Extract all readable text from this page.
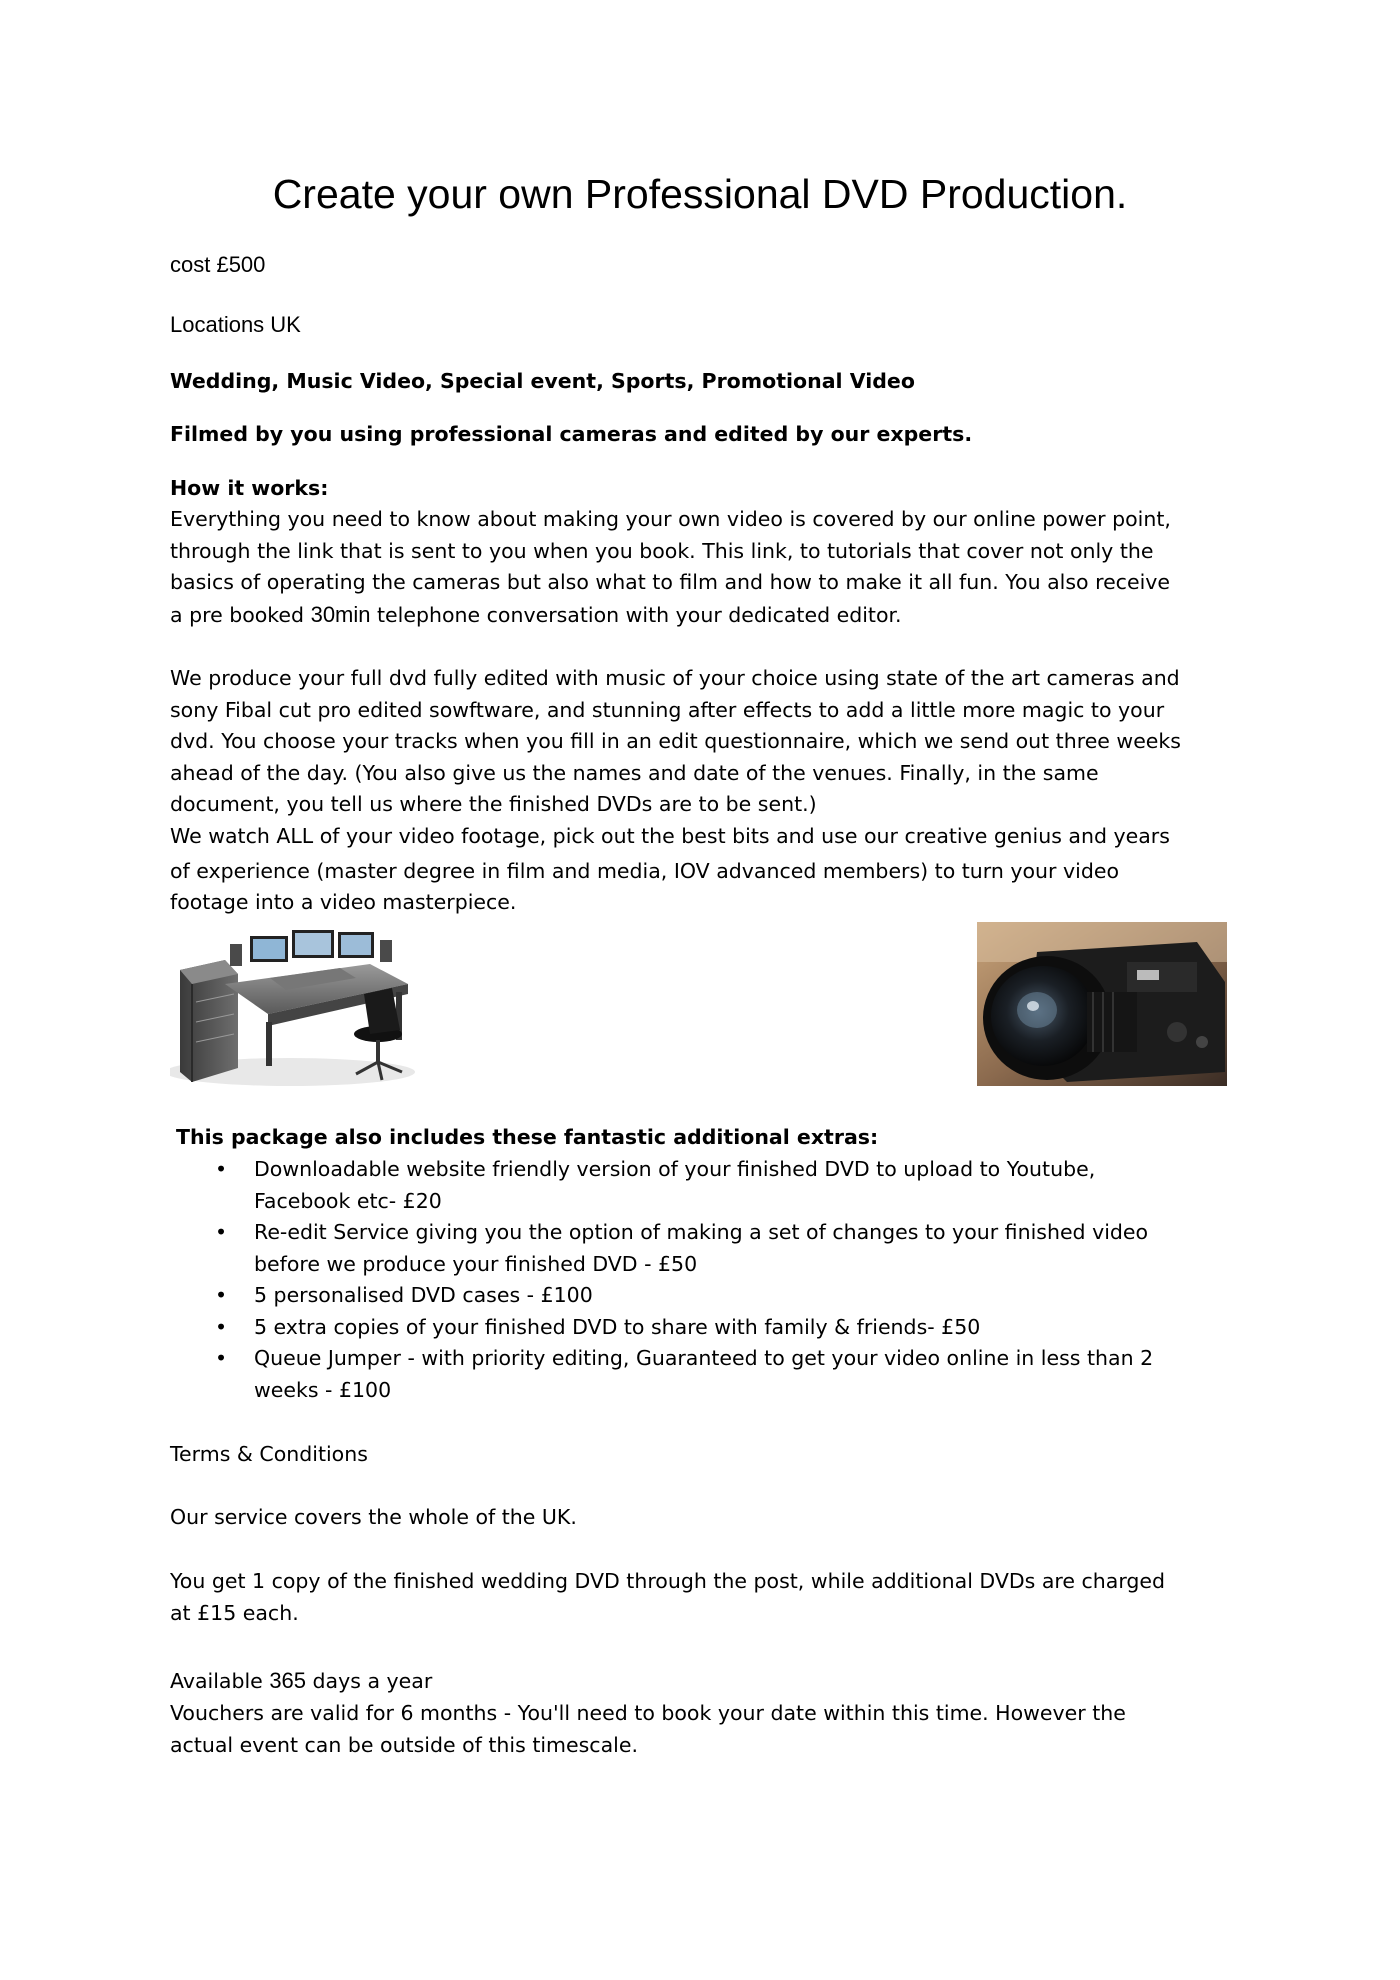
Create your own Professional DVD Production.

cost £500

Locations UK

Wedding, Music Video, Special event, Sports, Promotional Video

Filmed by you using professional cameras and edited by our experts.

How it works:

Everything you need to know about making your own video is covered by our online power point,
through the link that is sent to you when you book. This link, to tutorials that cover not only the
basics of operating the cameras but also what to film and how to make it all fun. You also receive
a pre booked 30min telephone conversation with your dedicated editor.
We produce your full dvd fully edited with music of your choice using state of the art cameras and
sony Fibal cut pro edited sowftware, and stunning after effects to add a little more magic to your
dvd. You choose your tracks when you fill in an edit questionnaire, which we send out three weeks
ahead of the day. (You also give us the names and date of the venues. Finally, in the same
document, you tell us where the finished DVDs are to be sent.)
We watch ALL of your video footage, pick out the best bits and use our creative genius and years
of experience (master degree in film and media, IOV advanced members) to turn your video
footage into a video masterpiece.

This package also includes these fantastic additional extras:

• Downloadable website friendly version of your finished DVD to upload to Youtube,
Facebook etc- £20
• Re-edit Service giving you the option of making a set of changes to your finished video
before we produce your finished DVD - £50
• 5 personalised DVD cases - £100
• 5 extra copies of your finished DVD to share with family & friends- £50
• Queue Jumper - with priority editing, Guaranteed to get your video online in less than 2
weeks - £100

Terms & Conditions

Our service covers the whole of the UK.

You get 1 copy of the finished wedding DVD through the post, while additional DVDs are charged
at £15 each.
Available 365 days a year
Vouchers are valid for 6 months - You'll need to book your date within this time. However the
actual event can be outside of this timescale.
